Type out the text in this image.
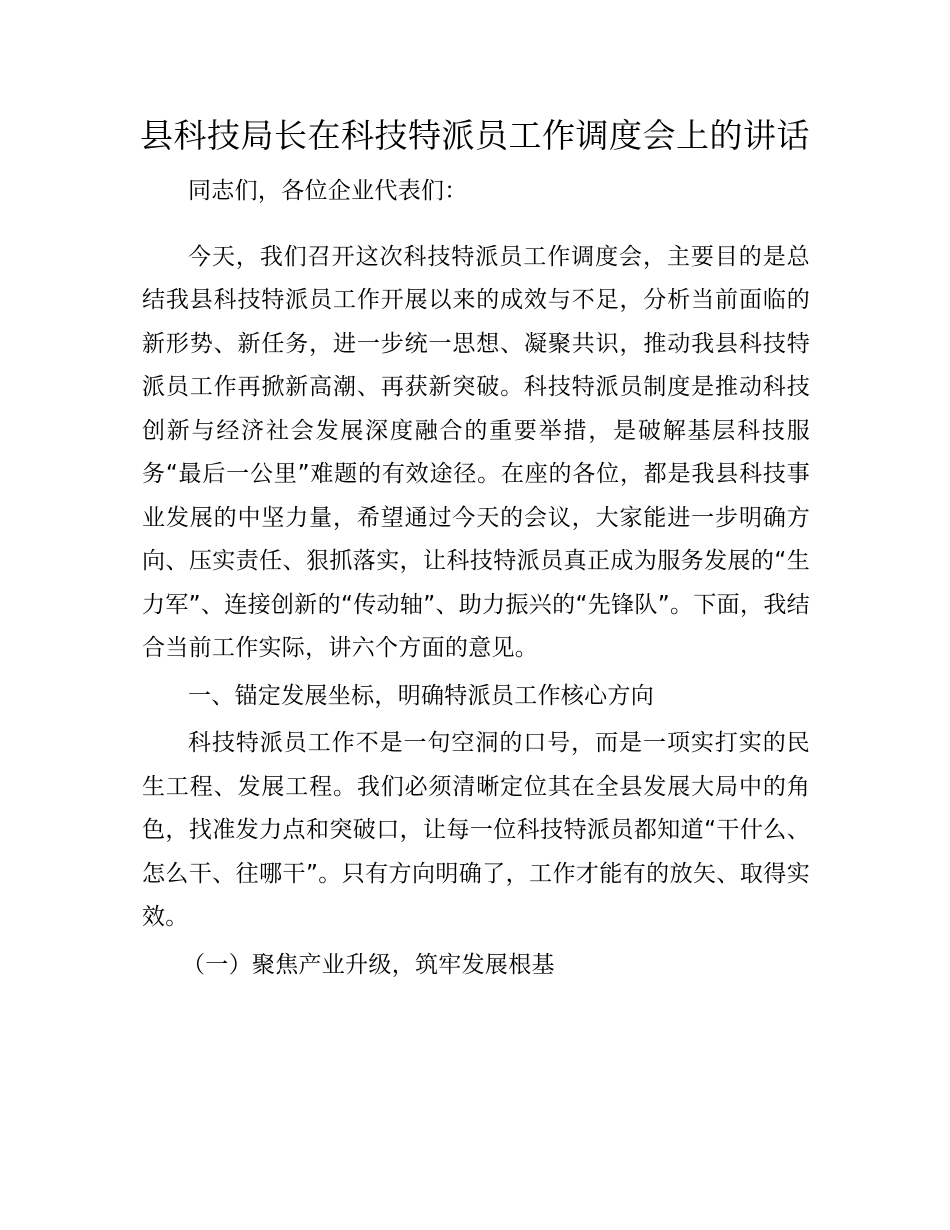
县科技局长在科技特派员工作调度会上的讲话

同志们，各位企业代表们：

今天，我们召开这次科技特派员工作调度会，主要目的是总结我县科技特派员工作开展以来的成效与不足，分析当前面临的新形势、新任务，进一步统一思想、凝聚共识，推动我县科技特派员工作再掀新高潮、再获新突破。科技特派员制度是推动科技创新与经济社会发展深度融合的重要举措，是破解基层科技服务“最后一公里”难题的有效途径。在座的各位，都是我县科技事业发展的中坚力量，希望通过今天的会议，大家能进一步明确方向、压实责任、狠抓落实，让科技特派员真正成为服务发展的“生力军”、连接创新的“传动轴”、助力振兴的“先锋队”。下面，我结合当前工作实际，讲六个方面的意见。

一、锚定发展坐标，明确特派员工作核心方向

科技特派员工作不是一句空洞的口号，而是一项实打实的民生工程、发展工程。我们必须清晰定位其在全县发展大局中的角色，找准发力点和突破口，让每一位科技特派员都知道“干什么、怎么干、往哪干”。只有方向明确了，工作才能有的放矢、取得实效。

（一）聚焦产业升级，筑牢发展根基
